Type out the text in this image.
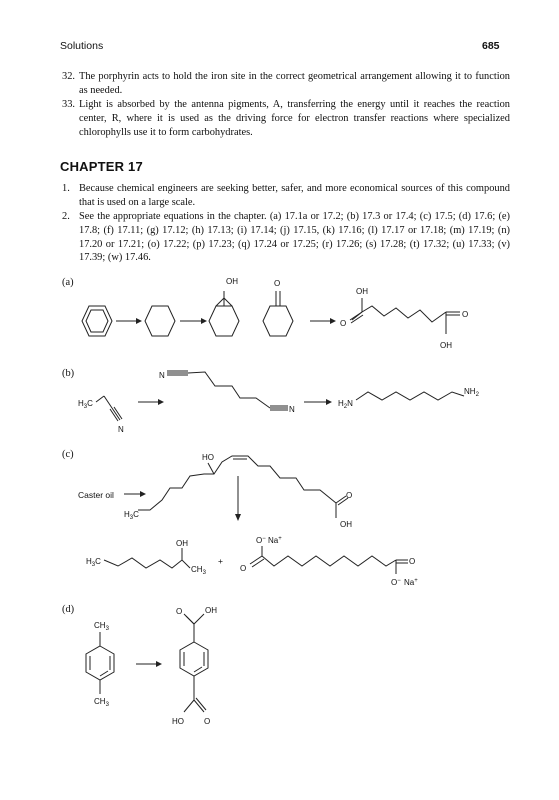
Solutions	685
32. The porphyrin acts to hold the iron site in the correct geometrical arrangement allowing it to function as needed.
33. Light is absorbed by the antenna pigments, A, transferring the energy until it reaches the reaction center, R, where it is used as the driving force for electron transfer reactions where specialized chlorophylls use it to form carbohydrates.
CHAPTER 17
1. Because chemical engineers are seeking better, safer, and more economical sources of this compound that is used on a large scale.
2. See the appropriate equations in the chapter. (a) 17.1a or 17.2; (b) 17.3 or 17.4; (c) 17.5; (d) 17.6; (e) 17.8; (f) 17.11; (g) 17.12; (h) 17.13; (i) 17.14; (j) 17.15, (k) 17.16; (l) 17.17 or 17.18; (m) 17.19; (n) 17.20 or 17.21; (o) 17.22; (p) 17.23; (q) 17.24 or 17.25; (r) 17.26; (s) 17.28; (t) 17.32; (u) 17.33; (v) 17.39; (w) 17.46.
(a)
(b)
(c)
(d)
OH	O
OH
O
O
OH
$H_3C$
N
N
N
$H_2N$
$NH_2$
Caster oil
HO
$H_3C$
O
OH
$H_3C$
OH
$CH_3$
+
O− Na+
O
O
O− Na+
$CH_3$
$CH_3$
O	OH
HO	O
